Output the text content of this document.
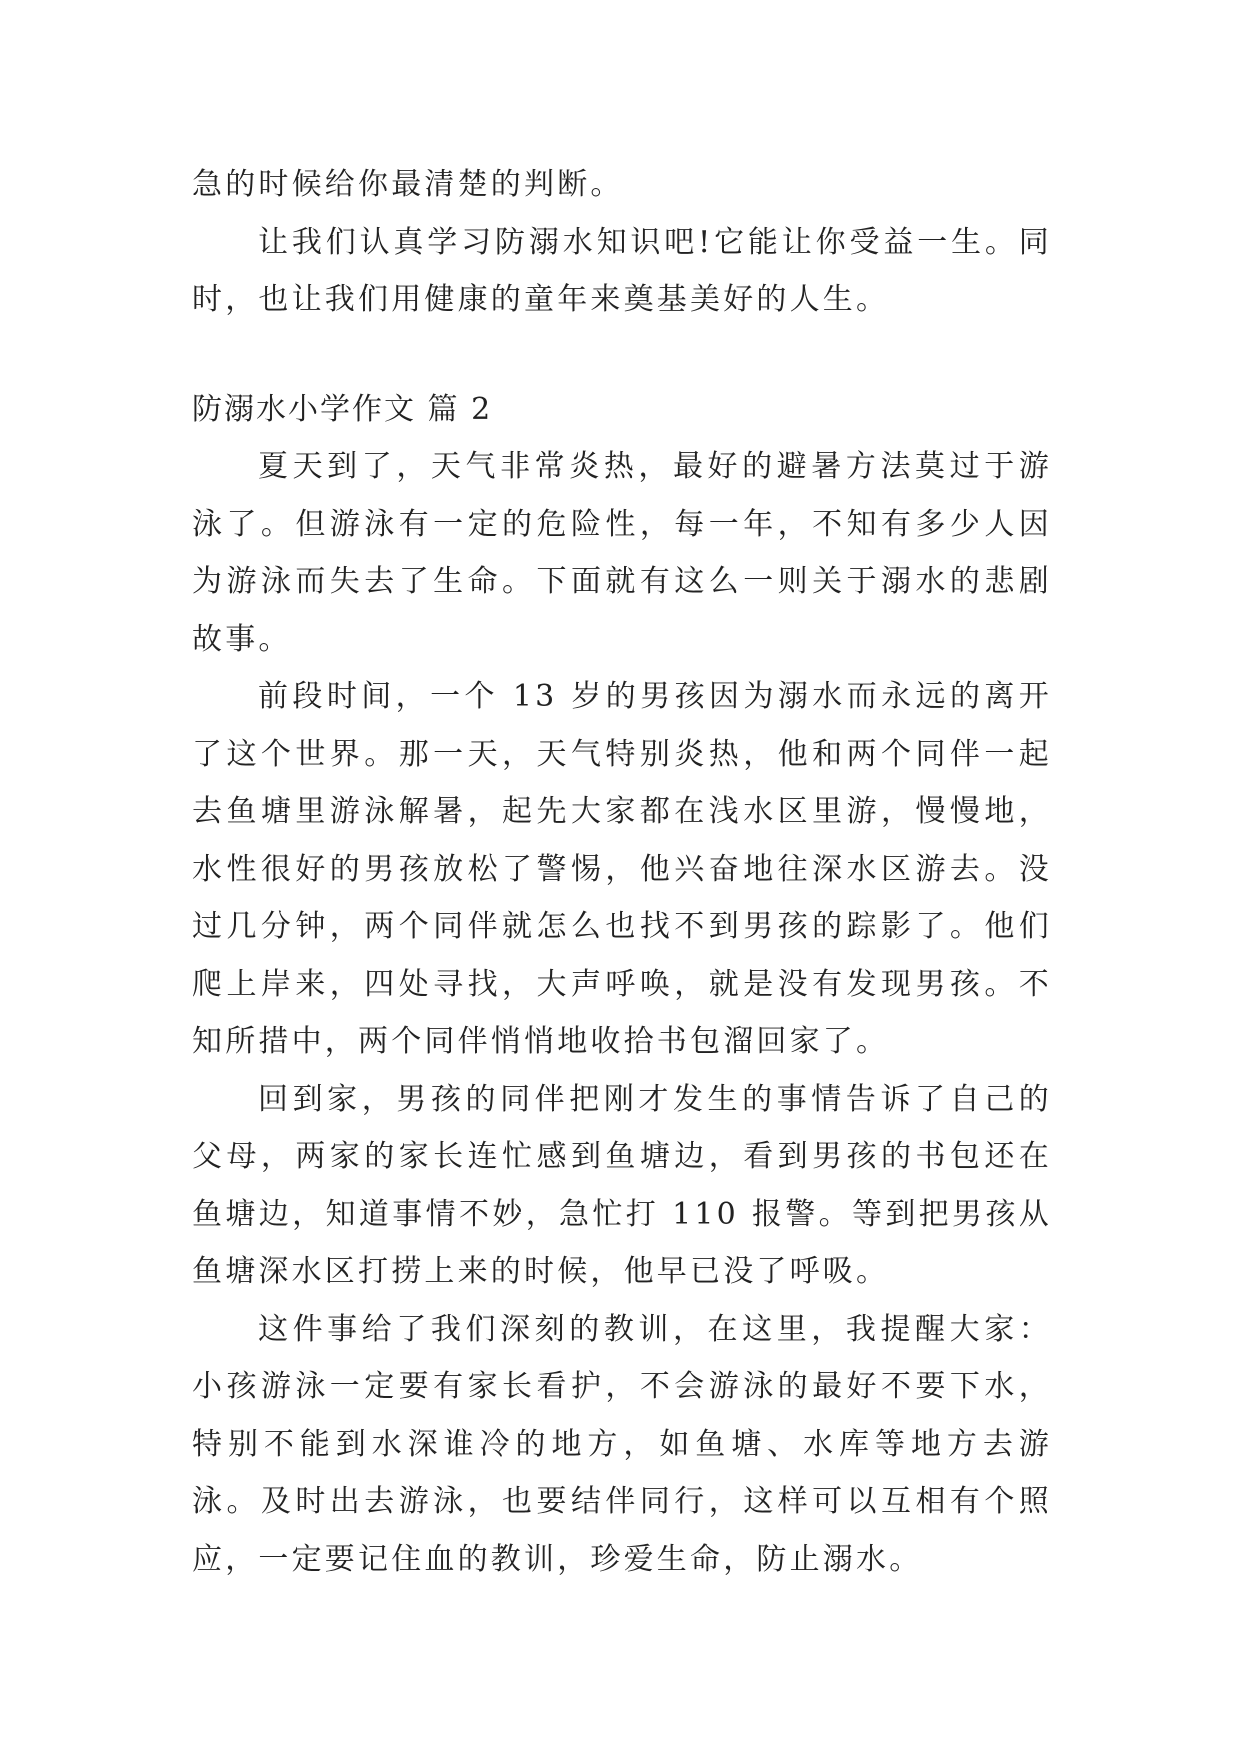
急的时候给你最清楚的判断。

让我们认真学习防溺水知识吧!它能让你受益一生。同时，也让我们用健康的童年来奠基美好的人生。

防溺水小学作文 篇 2

夏天到了，天气非常炎热，最好的避暑方法莫过于游泳了。但游泳有一定的危险性，每一年，不知有多少人因为游泳而失去了生命。下面就有这么一则关于溺水的悲剧故事。

前段时间，一个 13 岁的男孩因为溺水而永远的离开了这个世界。那一天，天气特别炎热，他和两个同伴一起去鱼塘里游泳解暑，起先大家都在浅水区里游，慢慢地，水性很好的男孩放松了警惕，他兴奋地往深水区游去。没过几分钟，两个同伴就怎么也找不到男孩的踪影了。他们爬上岸来，四处寻找，大声呼唤，就是没有发现男孩。不知所措中，两个同伴悄悄地收拾书包溜回家了。

回到家，男孩的同伴把刚才发生的事情告诉了自己的父母，两家的家长连忙感到鱼塘边，看到男孩的书包还在鱼塘边，知道事情不妙，急忙打 110 报警。等到把男孩从鱼塘深水区打捞上来的时候，他早已没了呼吸。

这件事给了我们深刻的教训，在这里，我提醒大家：小孩游泳一定要有家长看护，不会游泳的最好不要下水，特别不能到水深谁冷的地方，如鱼塘、水库等地方去游泳。及时出去游泳，也要结伴同行，这样可以互相有个照应，一定要记住血的教训，珍爱生命，防止溺水。
